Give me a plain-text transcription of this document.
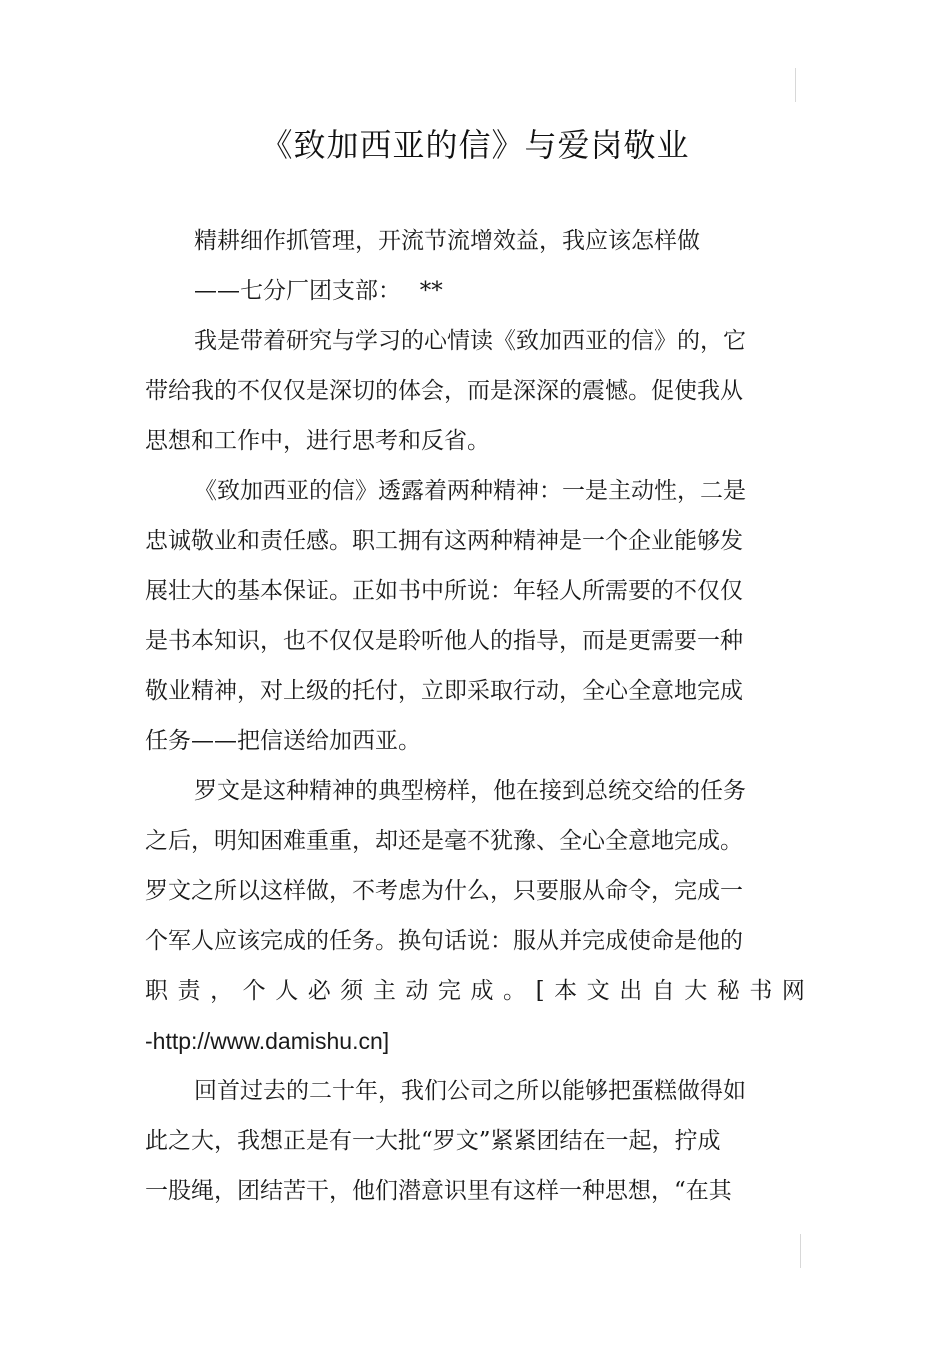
《致加西亚的信》与爱岗敬业
精耕细作抓管理，开流节流增效益，我应该怎样做
——七分厂团支部：　 **
我是带着研究与学习的心情读《致加西亚的信》的，它
带给我的不仅仅是深切的体会，而是深深的震憾。促使我从
思想和工作中，进行思考和反省。
《致加西亚的信》透露着两种精神：一是主动性，二是
忠诚敬业和责任感。职工拥有这两种精神是一个企业能够发
展壮大的基本保证。正如书中所说：年轻人所需要的不仅仅
是书本知识，也不仅仅是聆听他人的指导，而是更需要一种
敬业精神，对上级的托付，立即采取行动，全心全意地完成
任务——把信送给加西亚。
罗文是这种精神的典型榜样，他在接到总统交给的任务
之后，明知困难重重，却还是毫不犹豫、全心全意地完成。
罗文之所以这样做，不考虑为什么，只要服从命令，完成一
个军人应该完成的任务。换句话说：服从并完成使命是他的
职 责 ， 个 人 必 须 主 动 完 成 。 [ 本 文 出 自 大 秘 书 网
-http://www.damishu.cn]
回首过去的二十年，我们公司之所以能够把蛋糕做得如
此之大，我想正是有一大批“罗文”紧紧团结在一起，拧成
一股绳，团结苦干，他们潜意识里有这样一种思想，“在其
